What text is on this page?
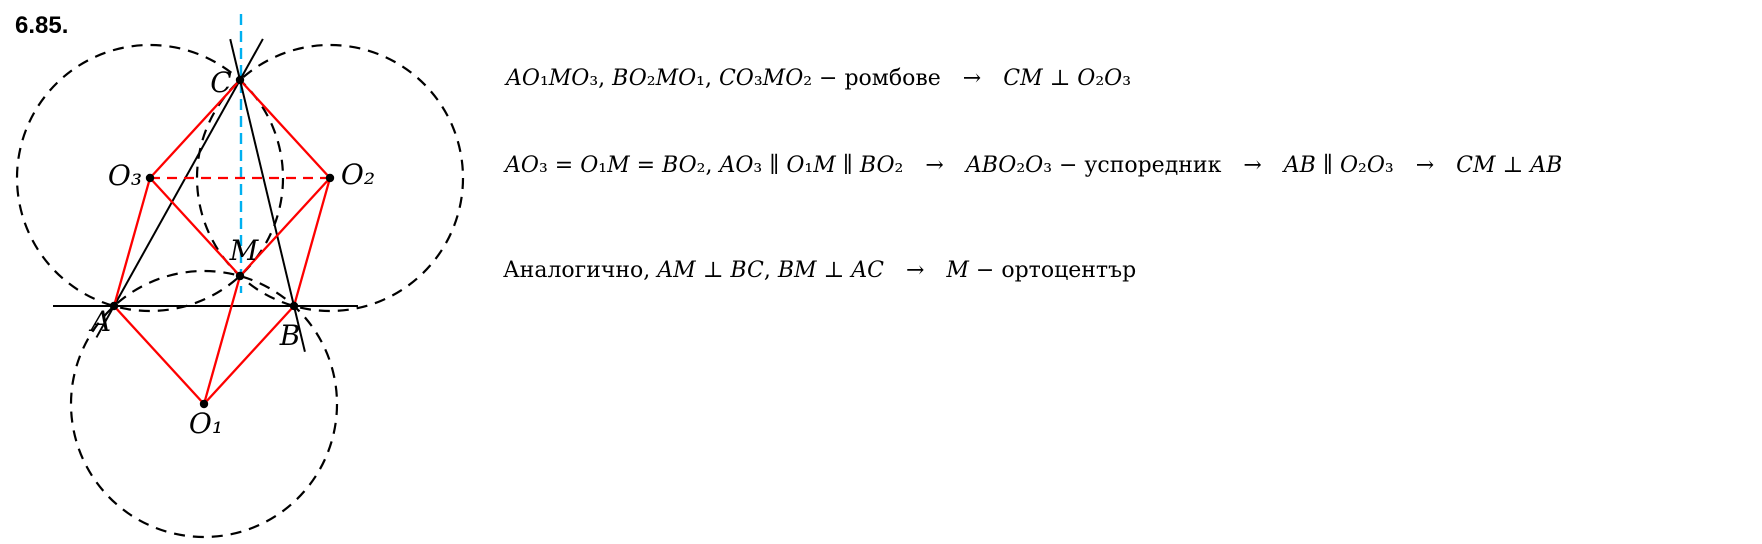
6.85.
C
O₃	O₂
M
A	B
O₁
AO₁MO₃, BO₂MO₁, CO₃MO₂ − ромбове → CM ⊥ O₂O₃
AO₃ = O₁M = BO₂, AO₃ ∥ O₁M ∥ BO₂ → ABO₂O₃ − успоредник → AB ∥ O₂O₃ → CM ⊥ AB
Аналогично, AM ⊥ BC, BM ⊥ AC → M − ортоцентър
